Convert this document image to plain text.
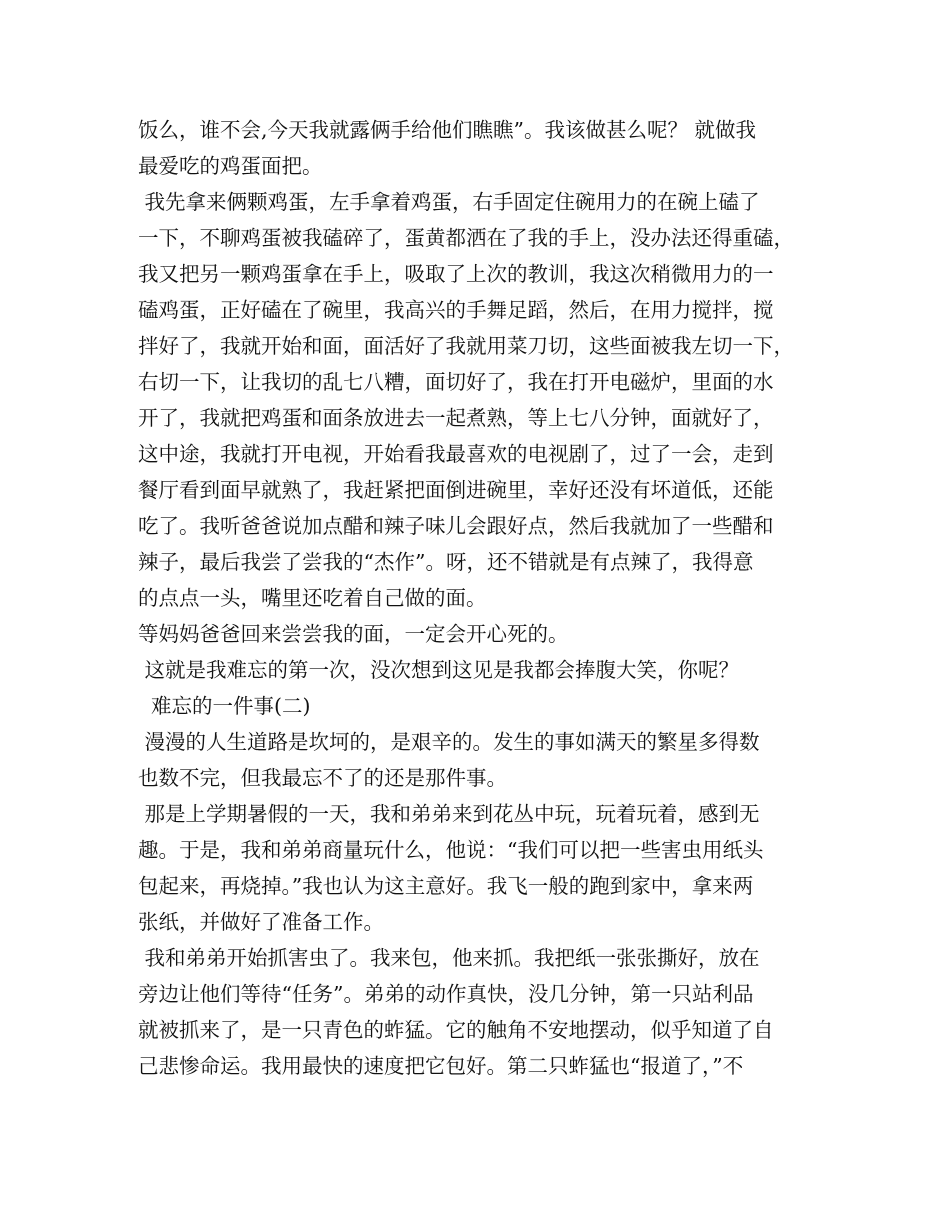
饭么，谁不会,今天我就露俩手给他们瞧瞧”。我该做甚么呢？ 就做我
最爱吃的鸡蛋面把。
我先拿来俩颗鸡蛋，左手拿着鸡蛋，右手固定住碗用力的在碗上磕了
一下，不聊鸡蛋被我磕碎了，蛋黄都洒在了我的手上，没办法还得重磕，
我又把另一颗鸡蛋拿在手上，吸取了上次的教训，我这次稍微用力的一
磕鸡蛋，正好磕在了碗里，我高兴的手舞足蹈，然后，在用力搅拌，搅
拌好了，我就开始和面，面活好了我就用菜刀切，这些面被我左切一下，
右切一下，让我切的乱七八糟，面切好了，我在打开电磁炉，里面的水
开了，我就把鸡蛋和面条放进去一起煮熟，等上七八分钟，面就好了，
这中途，我就打开电视，开始看我最喜欢的电视剧了，过了一会，走到
餐厅看到面早就熟了，我赶紧把面倒进碗里，幸好还没有坏道低，还能
吃了。我听爸爸说加点醋和辣子味儿会跟好点，然后我就加了一些醋和
辣子，最后我尝了尝我的“杰作”。呀，还不错就是有点辣了，我得意
的点点一头，嘴里还吃着自己做的面。
等妈妈爸爸回来尝尝我的面，一定会开心死的。
这就是我难忘的第一次，没次想到这见是我都会捧腹大笑，你呢？
难忘的一件事(二)
漫漫的人生道路是坎坷的，是艰辛的。发生的事如满天的繁星多得数
也数不完，但我最忘不了的还是那件事。
那是上学期暑假的一天，我和弟弟来到花丛中玩，玩着玩着，感到无
趣。于是，我和弟弟商量玩什么，他说：“我们可以把一些害虫用纸头
包起来，再烧掉。”我也认为这主意好。我飞一般的跑到家中，拿来两
张纸，并做好了准备工作。
我和弟弟开始抓害虫了。我来包，他来抓。我把纸一张张撕好，放在
旁边让他们等待“任务”。弟弟的动作真快，没几分钟，第一只站利品
就被抓来了，是一只青色的蚱猛。它的触角不安地摆动，似乎知道了自
己悲惨命运。我用最快的速度把它包好。第二只蚱猛也“报道了，”不
